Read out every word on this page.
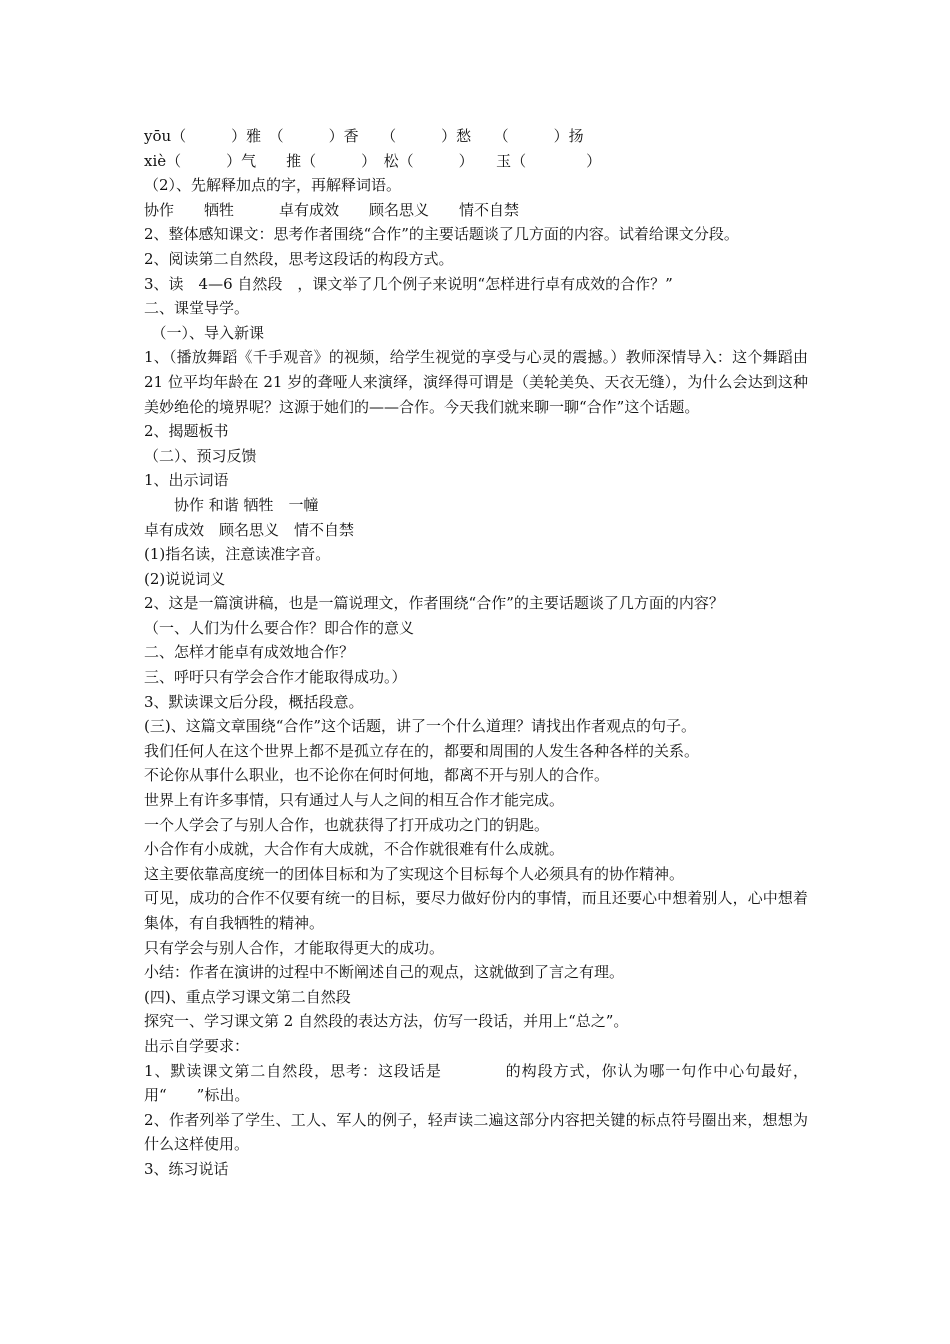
yōu（　　　）雅　（　　　）香　　（　　　）愁　　（　　　）扬
xiè（　　　）气　　推（　　　）　松（　　　）　　玉（　　　　）
（2）、先解释加点的字，再解释词语。
协作　　牺牲　　　卓有成效　　顾名思义　　情不自禁
2、整体感知课文：思考作者围绕“合作”的主要话题谈了几方面的内容。试着给课文分段。
2、阅读第二自然段，思考这段话的构段方式。
3、读　4—6 自然段　，课文举了几个例子来说明“怎样进行卓有成效的合作？”
二、课堂导学。
　（一）、导入新课
1、（播放舞蹈《千手观音》的视频，给学生视觉的享受与心灵的震撼。）教师深情导入：这个舞蹈由 21 位平均年龄在 21 岁的聋哑人来演绎，演绎得可谓是（美轮美奂、天衣无缝），为什么会达到这种美妙绝伦的境界呢？这源于她们的——合作。今天我们就来聊一聊“合作”这个话题。
2、揭题板书
（二）、预习反馈
1、出示词语
　　协作 和谐 牺牲　一幢
卓有成效　顾名思义　情不自禁
(1)指名读，注意读准字音。
(2)说说词义
2、这是一篇演讲稿，也是一篇说理文，作者围绕“合作”的主要话题谈了几方面的内容？
（一、人们为什么要合作？即合作的意义
二、怎样才能卓有成效地合作？
三、呼吁只有学会合作才能取得成功。）
3、默读课文后分段，概括段意。
(三)、这篇文章围绕“合作”这个话题，讲了一个什么道理？请找出作者观点的句子。
我们任何人在这个世界上都不是孤立存在的，都要和周围的人发生各种各样的关系。
不论你从事什么职业，也不论你在何时何地，都离不开与别人的合作。
世界上有许多事情，只有通过人与人之间的相互合作才能完成。
一个人学会了与别人合作，也就获得了打开成功之门的钥匙。
小合作有小成就，大合作有大成就，不合作就很难有什么成就。
这主要依靠高度统一的团体目标和为了实现这个目标每个人必须具有的协作精神。
可见，成功的合作不仅要有统一的目标，要尽力做好份内的事情，而且还要心中想着别人，心中想着集体，有自我牺牲的精神。
只有学会与别人合作，才能取得更大的成功。
小结：作者在演讲的过程中不断阐述自己的观点，这就做到了言之有理。
(四)、重点学习课文第二自然段
探究一、学习课文第 2 自然段的表达方法，仿写一段话，并用上“总之”。
出示自学要求：
1、默读课文第二自然段，思考：这段话是　　　　的构段方式，你认为哪一句作中心句最好，用“　　”标出。
2、作者列举了学生、工人、军人的例子，轻声读二遍这部分内容把关键的标点符号圈出来，想想为什么这样使用。
3、练习说话
